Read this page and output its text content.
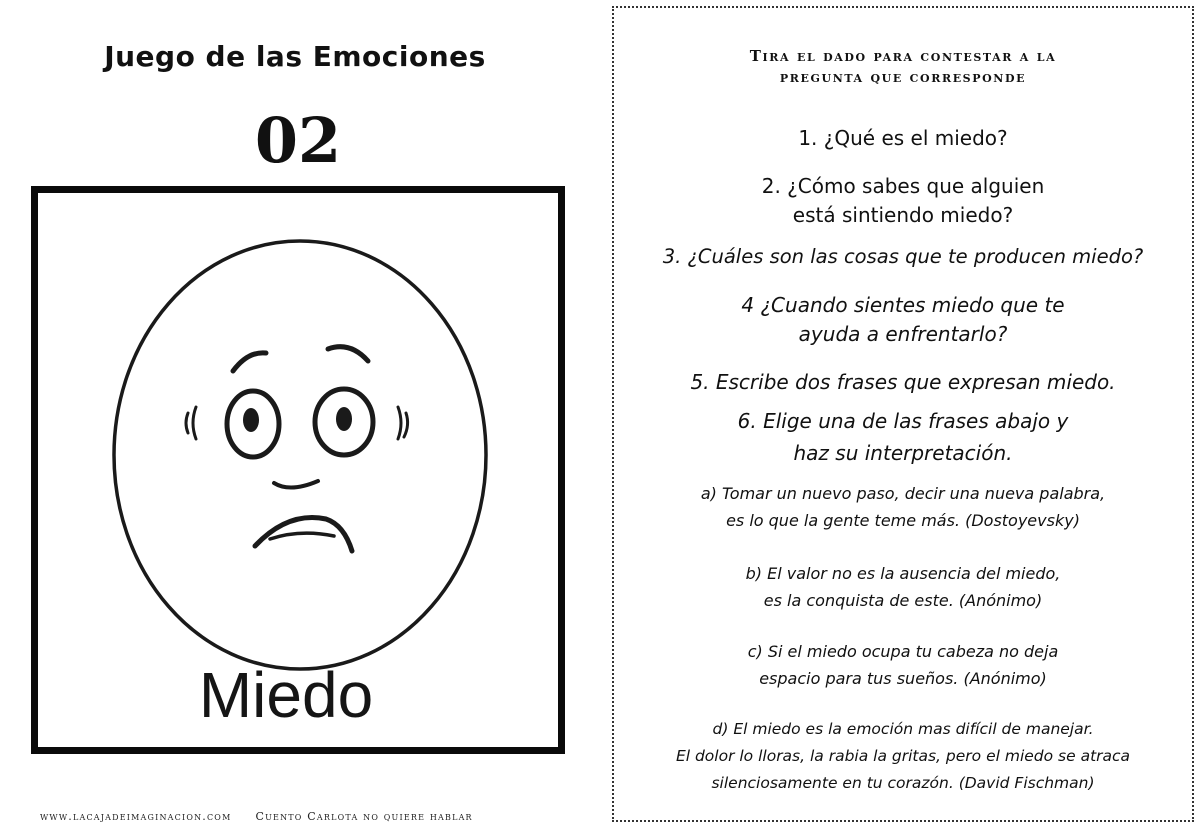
Juego de las Emociones
02
Miedo
www.lacajadeimaginacion.com Cuento Carlota no quiere hablar
Tira el dado para contestar a la
pregunta que corresponde
1. ¿Qué es el miedo?
2. ¿Cómo sabes que alguien
está sintiendo miedo?
3. ¿Cuáles son las cosas que te producen miedo?
4 ¿Cuando sientes miedo que te
ayuda a enfrentarlo?
5. Escribe dos frases que expresan miedo.
6. Elige una de las frases abajo y
haz su interpretación.
a) Tomar un nuevo paso, decir una nueva palabra,
es lo que la gente teme más. (Dostoyevsky)
b) El valor no es la ausencia del miedo,
es la conquista de este. (Anónimo)
c) Si el miedo ocupa tu cabeza no deja
espacio para tus sueños. (Anónimo)
d) El miedo es la emoción mas difícil de manejar.
El dolor lo lloras, la rabia la gritas, pero el miedo se atraca
silenciosamente en tu corazón. (David Fischman)
